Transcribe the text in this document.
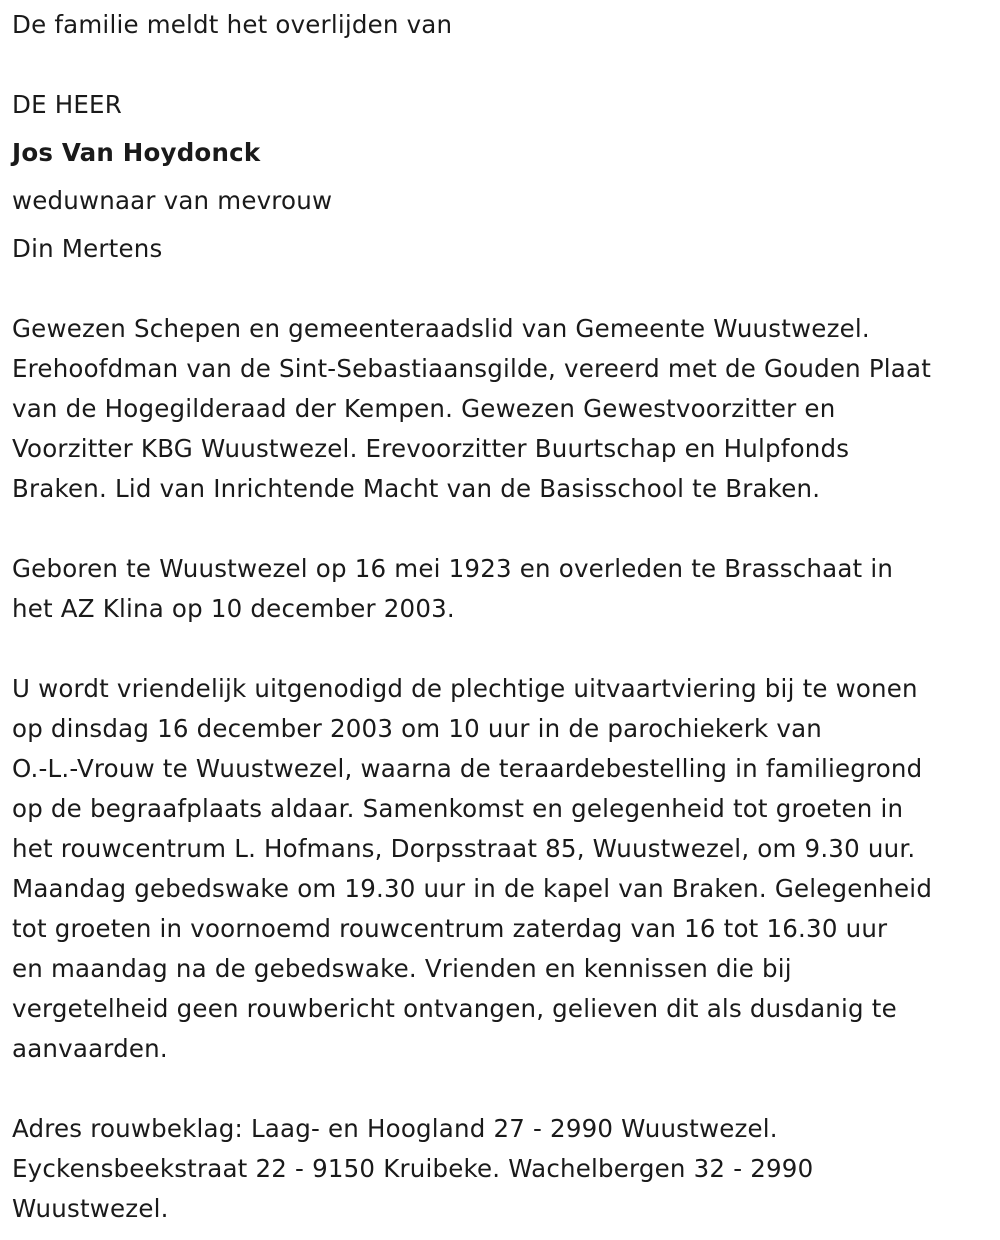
De familie meldt het overlijden van
DE HEER
Jos Van Hoydonck
weduwnaar van mevrouw
Din Mertens
Gewezen Schepen en gemeenteraadslid van Gemeente Wuustwezel.
Erehoofdman van de Sint-Sebastiaansgilde, vereerd met de Gouden Plaat
van de Hogegilderaad der Kempen. Gewezen Gewestvoorzitter en
Voorzitter KBG Wuustwezel. Erevoorzitter Buurtschap en Hulpfonds
Braken. Lid van Inrichtende Macht van de Basisschool te Braken.
Geboren te Wuustwezel op 16 mei 1923 en overleden te Brasschaat in
het AZ Klina op 10 december 2003.
U wordt vriendelijk uitgenodigd de plechtige uitvaartviering bij te wonen
op dinsdag 16 december 2003 om 10 uur in de parochiekerk van
O.-L.-Vrouw te Wuustwezel, waarna de teraardebestelling in familiegrond
op de begraafplaats aldaar. Samenkomst en gelegenheid tot groeten in
het rouwcentrum L. Hofmans, Dorpsstraat 85, Wuustwezel, om 9.30 uur.
Maandag gebedswake om 19.30 uur in de kapel van Braken. Gelegenheid
tot groeten in voornoemd rouwcentrum zaterdag van 16 tot 16.30 uur
en maandag na de gebedswake. Vrienden en kennissen die bij
vergetelheid geen rouwbericht ontvangen, gelieven dit als dusdanig te
aanvaarden.
Adres rouwbeklag: Laag- en Hoogland 27 - 2990 Wuustwezel.
Eyckensbeekstraat 22 - 9150 Kruibeke. Wachelbergen 32 - 2990
Wuustwezel.
